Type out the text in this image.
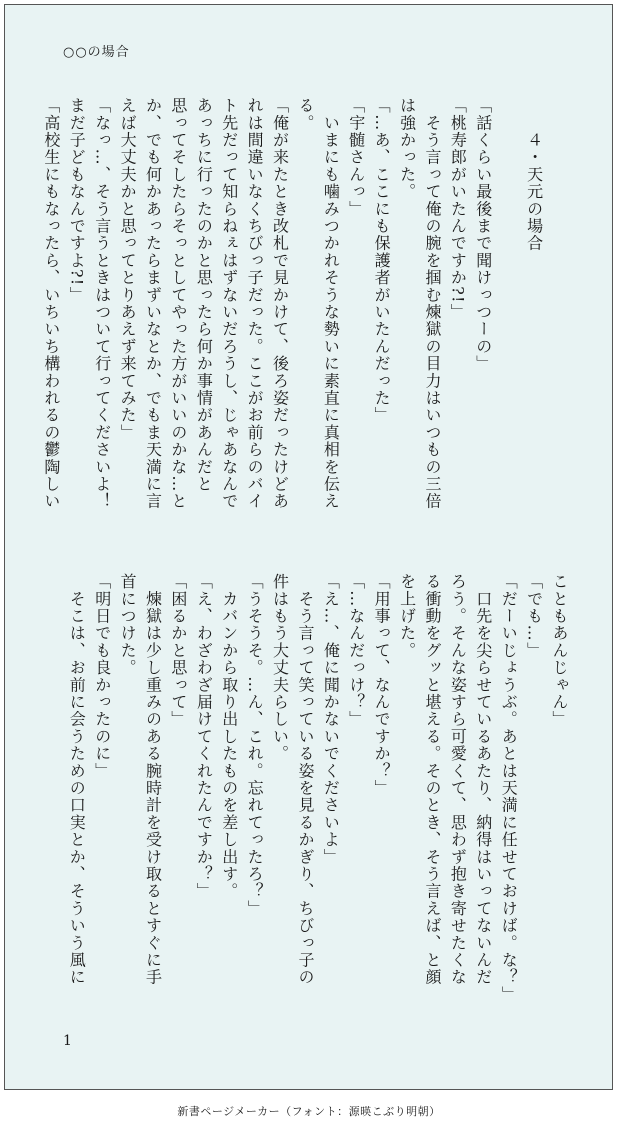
○○の場合

　　４・天元の場合

「話くらい最後まで聞けっつーの」
「桃寿郎がいたんですか?!」
　そう言って俺の腕を掴む煉獄の目力はいつもの三倍
は強かった。
「…あ、ここにも保護者がいたんだった」
「宇髄さんっ」
　いまにも噛みつかれそうな勢いに素直に真相を伝え
る。
「俺が来たとき改札で見かけて、後ろ姿だったけどあ
れは間違いなくちびっ子だった。ここがお前らのバイ
ト先だって知らねぇはずないだろうし、じゃあなんで
あっちに行ったのかと思ったら何か事情があんだと
思ってそしたらそっとしてやった方がいいのかな…と
か、でも何かあったらまずいなとか、でもま天満に言
えば大丈夫かと思ってとりあえず来てみた」
「なっ…、そう言うときはついて行ってくださいよ！
まだ子どもなんですよ?!」
「高校生にもなったら、いちいち構われるの鬱陶しい
こともあんじゃん」
「でも…」
「だーいじょうぶ。あとは天満に任せておけば。な？」
　口先を尖らせているあたり、納得はいってないんだ
ろう。そんな姿すら可愛くて、思わず抱き寄せたくな
る衝動をグッと堪える。そのとき、そう言えば、と顔
を上げた。
「用事って、なんですか？」
「…なんだっけ？」
「え…、俺に聞かないでくださいよ」
　そう言って笑っている姿を見るかぎり、ちびっ子の
件はもう大丈夫らしい。
「うそうそ。…ん、これ。忘れてったろ？」
　カバンから取り出したものを差し出す。
「え、わざわざ届けてくれたんですか？」
「困るかと思って」
　煉獄は少し重みのある腕時計を受け取るとすぐに手
首につけた。
「明日でも良かったのに」
　そこは、お前に会うための口実とか、そういう風に
1
新書ページメーカー（フォント：源暎こぶり明朝）
